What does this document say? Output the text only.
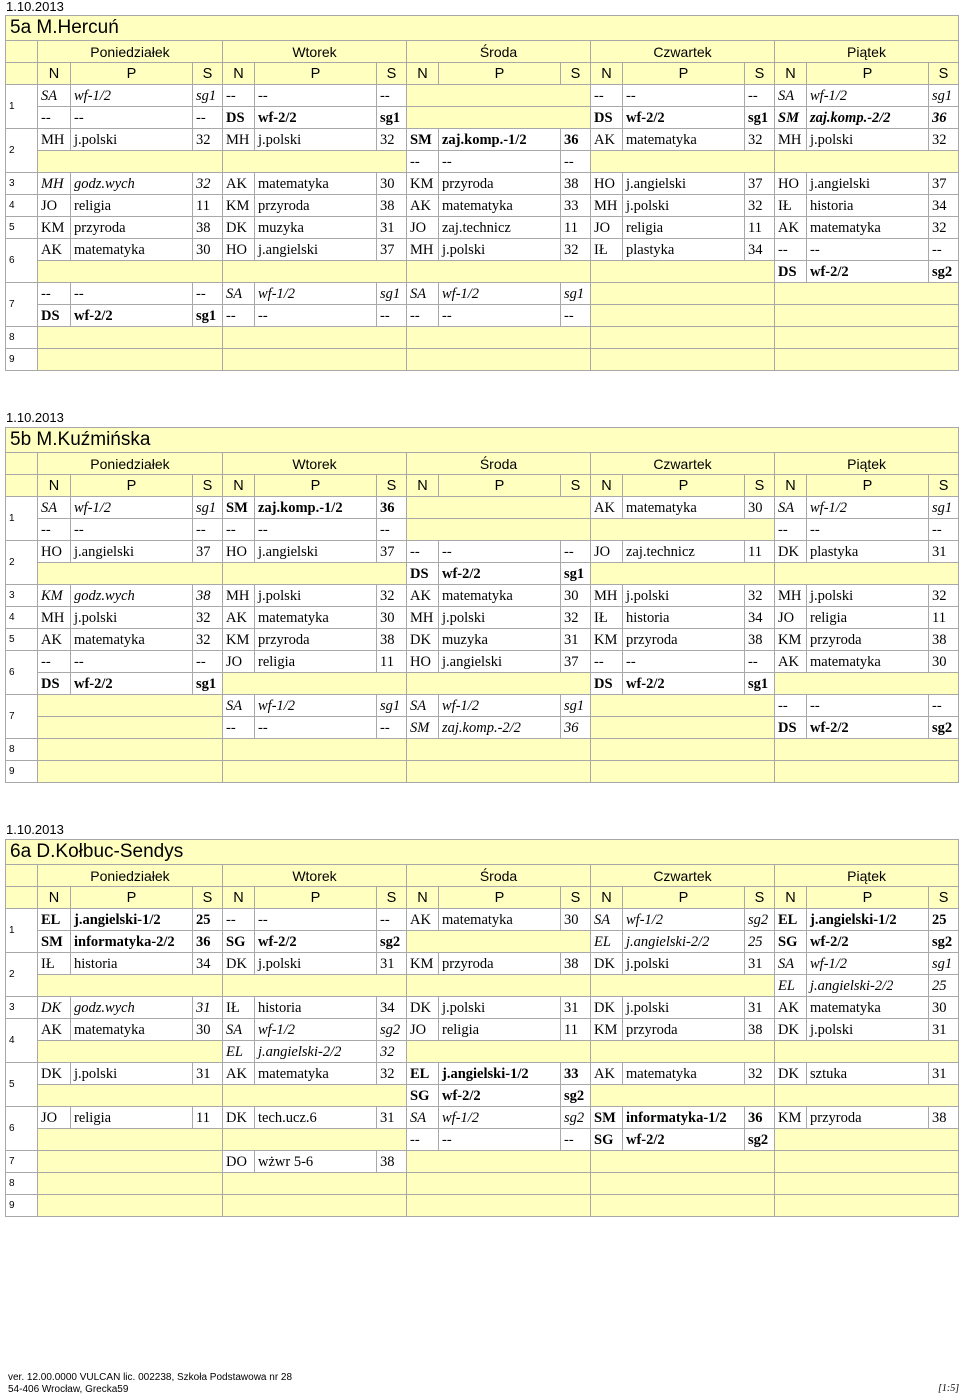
1.10.2013
5a M.Hercuń															
	Poniedziałek			Wtorek			Środa			Czwartek			Piątek		
	N	P	S	N	P	S	N	P	S	N	P	S	N	P	S
1	SA	wf-1/2	sg1	--	--	--				--	--	--	SA	wf-1/2	sg1
	--	--	--	DS	wf-2/2	sg1				DS	wf-2/2	sg1	SM	zaj.komp.-2/2	36
2	MH	j.polski	32	MH	j.polski	32	SM	zaj.komp.-1/2	36	AK	matematyka	32	MH	j.polski	32
							--	--	--						
3	MH	godz.wych	32	AK	matematyka	30	KM	przyroda	38	HO	j.angielski	37	HO	j.angielski	37
4	JO	religia	11	KM	przyroda	38	AK	matematyka	33	MH	j.polski	32	IŁ	historia	34
5	KM	przyroda	38	DK	muzyka	31	JO	zaj.technicz	11	JO	religia	11	AK	matematyka	32
6	AK	matematyka	30	HO	j.angielski	37	MH	j.polski	32	IŁ	plastyka	34	--	--	--
													DS	wf-2/2	sg2
7	--	--	--	SA	wf-1/2	sg1	SA	wf-1/2	sg1						
	DS	wf-2/2	sg1	--	--	--	--	--	--						
8															
9															
1.10.2013
5b M.Kuźmińska															
	Poniedziałek			Wtorek			Środa			Czwartek			Piątek		
	N	P	S	N	P	S	N	P	S	N	P	S	N	P	S
1	SA	wf-1/2	sg1	SM	zaj.komp.-1/2	36				AK	matematyka	30	SA	wf-1/2	sg1
	--	--	--	--	--	--							--	--	--
2	HO	j.angielski	37	HO	j.angielski	37	--	--	--	JO	zaj.technicz	11	DK	plastyka	31
							DS	wf-2/2	sg1						
3	KM	godz.wych	38	MH	j.polski	32	AK	matematyka	30	MH	j.polski	32	MH	j.polski	32
4	MH	j.polski	32	AK	matematyka	30	MH	j.polski	32	IŁ	historia	34	JO	religia	11
5	AK	matematyka	32	KM	przyroda	38	DK	muzyka	31	KM	przyroda	38	KM	przyroda	38
6	--	--	--	JO	religia	11	HO	j.angielski	37	--	--	--	AK	matematyka	30
	DS	wf-2/2	sg1							DS	wf-2/2	sg1			
7				SA	wf-1/2	sg1	SA	wf-1/2	sg1				--	--	--
				--	--	--	SM	zaj.komp.-2/2	36				DS	wf-2/2	sg2
8															
9															
1.10.2013
6a D.Kołbuc-Sendys															
	Poniedziałek			Wtorek			Środa			Czwartek			Piątek		
	N	P	S	N	P	S	N	P	S	N	P	S	N	P	S
1	EL	j.angielski-1/2	25	--	--	--	AK	matematyka	30	SA	wf-1/2	sg2	EL	j.angielski-1/2	25
	SM	informatyka-2/2	36	SG	wf-2/2	sg2				EL	j.angielski-2/2	25	SG	wf-2/2	sg2
2	IŁ	historia	34	DK	j.polski	31	KM	przyroda	38	DK	j.polski	31	SA	wf-1/2	sg1
													EL	j.angielski-2/2	25
3	DK	godz.wych	31	IŁ	historia	34	DK	j.polski	31	DK	j.polski	31	AK	matematyka	30
4	AK	matematyka	30	SA	wf-1/2	sg2	JO	religia	11	KM	przyroda	38	DK	j.polski	31
				EL	j.angielski-2/2	32									
5	DK	j.polski	31	AK	matematyka	32	EL	j.angielski-1/2	33	AK	matematyka	32	DK	sztuka	31
							SG	wf-2/2	sg2						
6	JO	religia	11	DK	tech.ucz.6	31	SA	wf-1/2	sg2	SM	informatyka-1/2	36	KM	przyroda	38
							--	--	--	SG	wf-2/2	sg2			
7				DO	wżwr 5-6	38									
8															
9															
ver. 12.00.0000 VULCAN lic. 002238, Szkoła Podstawowa nr 28
54-406 Wrocław, Grecka59	[1:5]
